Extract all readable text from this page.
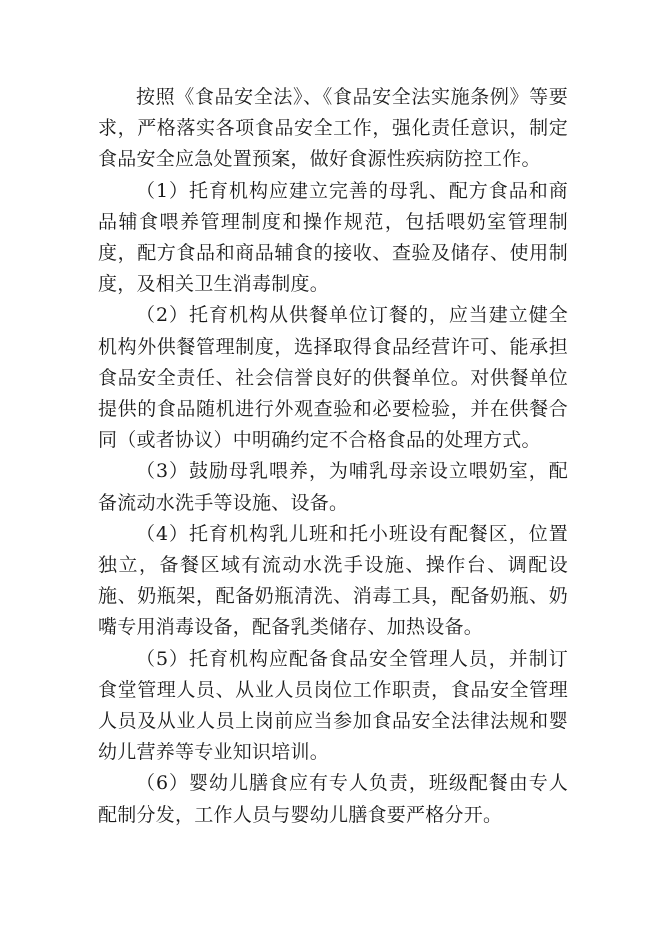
按照《食品安全法》、《食品安全法实施条例》等要求，严格落实各项食品安全工作，强化责任意识，制定食品安全应急处置预案，做好食源性疾病防控工作。

（1）托育机构应建立完善的母乳、配方食品和商品辅食喂养管理制度和操作规范，包括喂奶室管理制度，配方食品和商品辅食的接收、查验及储存、使用制度，及相关卫生消毒制度。

（2）托育机构从供餐单位订餐的，应当建立健全机构外供餐管理制度，选择取得食品经营许可、能承担食品安全责任、社会信誉良好的供餐单位。对供餐单位提供的食品随机进行外观查验和必要检验，并在供餐合同（或者协议）中明确约定不合格食品的处理方式。

（3）鼓励母乳喂养，为哺乳母亲设立喂奶室，配备流动水洗手等设施、设备。

（4）托育机构乳儿班和托小班设有配餐区，位置独立，备餐区域有流动水洗手设施、操作台、调配设施、奶瓶架，配备奶瓶清洗、消毒工具，配备奶瓶、奶嘴专用消毒设备，配备乳类储存、加热设备。

（5）托育机构应配备食品安全管理人员，并制订食堂管理人员、从业人员岗位工作职责，食品安全管理人员及从业人员上岗前应当参加食品安全法律法规和婴幼儿营养等专业知识培训。

（6）婴幼儿膳食应有专人负责，班级配餐由专人配制分发，工作人员与婴幼儿膳食要严格分开。
